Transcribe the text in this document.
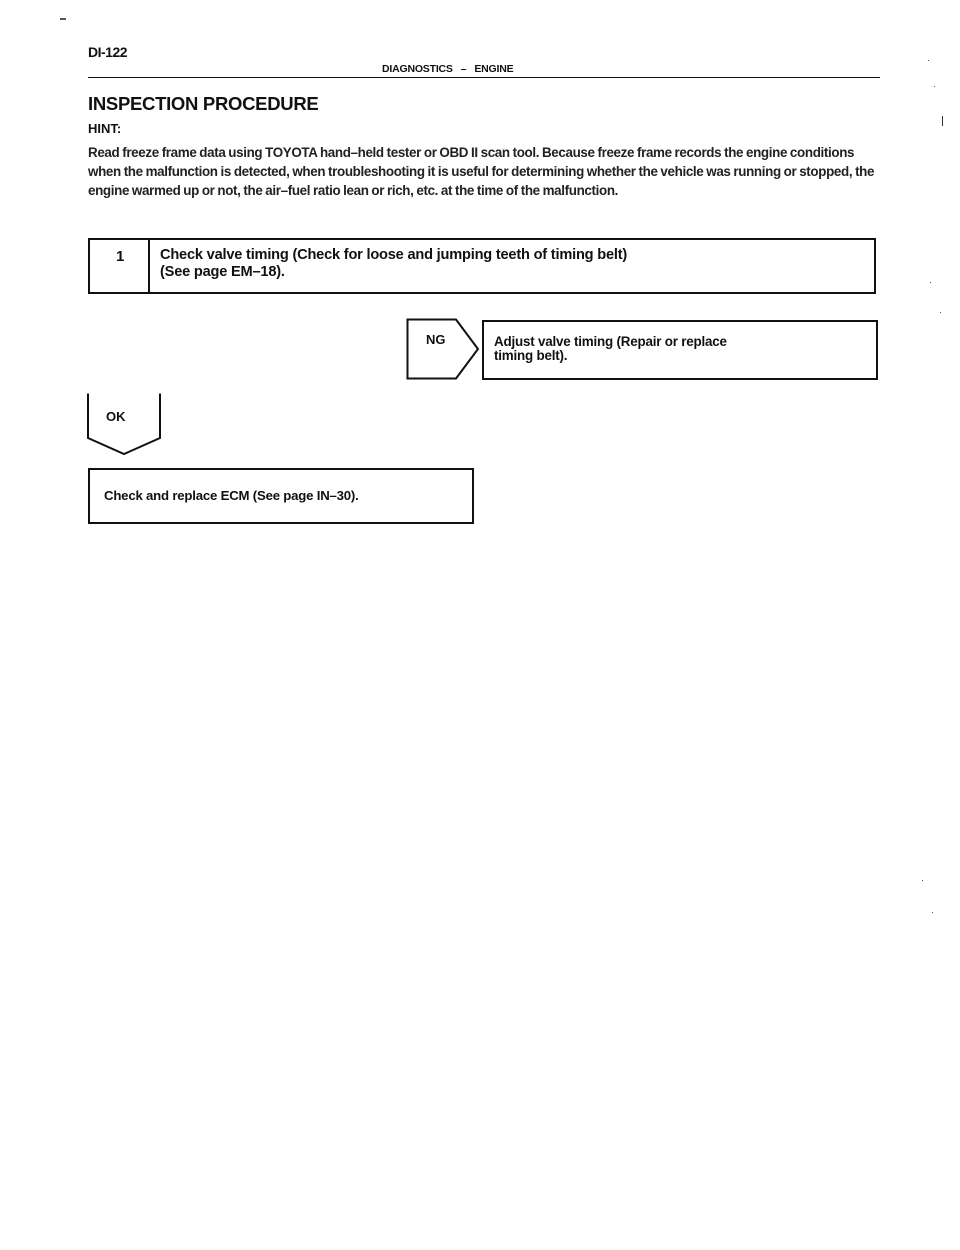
DI-122
DIAGNOSTICS – ENGINE
INSPECTION PROCEDURE
HINT:
Read freeze frame data using TOYOTA hand–held tester or OBD II scan tool. Because freeze frame records the engine conditions when the malfunction is detected, when troubleshooting it is useful for determining whether the vehicle was running or stopped, the engine warmed up or not, the air–fuel ratio lean or rich, etc. at the time of the malfunction.
1 Check valve timing (Check for loose and jumping teeth of timing belt)
(See page EM–18).
NG	Adjust valve timing (Repair or replace
timing belt).
OK
Check and replace ECM (See page IN–30).
